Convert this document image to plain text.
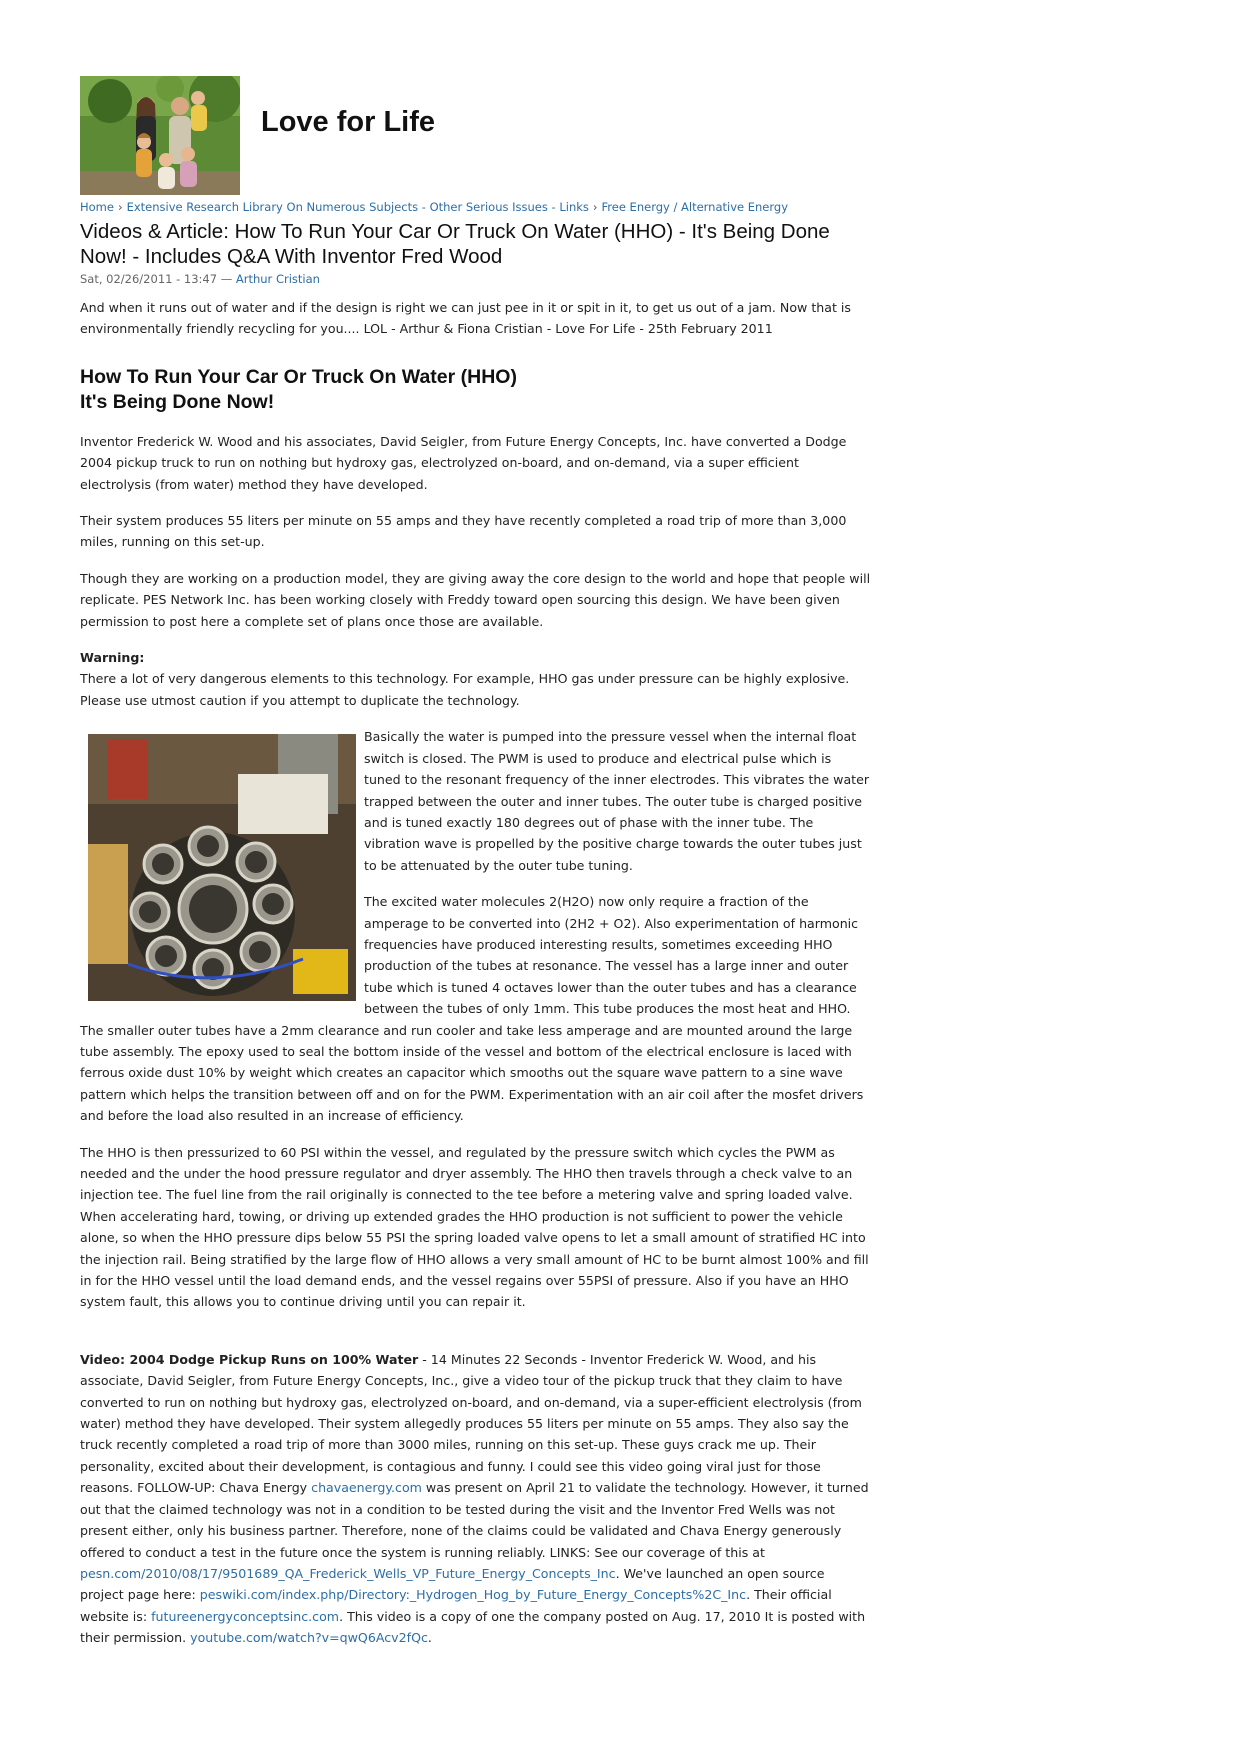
Love for Life
Home › Extensive Research Library On Numerous Subjects - Other Serious Issues - Links › Free Energy / Alternative Energy
Videos & Article: How To Run Your Car Or Truck On Water (HHO) - It's Being Done Now! - Includes Q&A With Inventor Fred Wood
Sat, 02/26/2011 - 13:47 — Arthur Cristian

And when it runs out of water and if the design is right we can just pee in it or spit in it, to get us out of a jam. Now that is environmentally friendly recycling for you.... LOL - Arthur & Fiona Cristian - Love For Life - 25th February 2011

How To Run Your Car Or Truck On Water (HHO)
It's Being Done Now!

Inventor Frederick W. Wood and his associates, David Seigler, from Future Energy Concepts, Inc. have converted a Dodge 2004 pickup truck to run on nothing but hydroxy gas, electrolyzed on-board, and on-demand, via a super efficient electrolysis (from water) method they have developed.

Their system produces 55 liters per minute on 55 amps and they have recently completed a road trip of more than 3,000 miles, running on this set-up.

Though they are working on a production model, they are giving away the core design to the world and hope that people will replicate. PES Network Inc. has been working closely with Freddy toward open sourcing this design. We have been given permission to post here a complete set of plans once those are available.

Warning:
There a lot of very dangerous elements to this technology. For example, HHO gas under pressure can be highly explosive. Please use utmost caution if you attempt to duplicate the technology.

Basically the water is pumped into the pressure vessel when the internal float switch is closed. The PWM is used to produce and electrical pulse which is tuned to the resonant frequency of the inner electrodes. This vibrates the water trapped between the outer and inner tubes. The outer tube is charged positive and is tuned exactly 180 degrees out of phase with the inner tube. The vibration wave is propelled by the positive charge towards the outer tubes just to be attenuated by the outer tube tuning.

The excited water molecules 2(H2O) now only require a fraction of the amperage to be converted into (2H2 + O2). Also experimentation of harmonic frequencies have produced interesting results, sometimes exceeding HHO production of the tubes at resonance. The vessel has a large inner and outer tube which is tuned 4 octaves lower than the outer tubes and has a clearance between the tubes of only 1mm. This tube produces the most heat and HHO. The smaller outer tubes have a 2mm clearance and run cooler and take less amperage and are mounted around the large tube assembly. The epoxy used to seal the bottom inside of the vessel and bottom of the electrical enclosure is laced with ferrous oxide dust 10% by weight which creates an capacitor which smooths out the square wave pattern to a sine wave pattern which helps the transition between off and on for the PWM. Experimentation with an air coil after the mosfet drivers and before the load also resulted in an increase of efficiency.

The HHO is then pressurized to 60 PSI within the vessel, and regulated by the pressure switch which cycles the PWM as needed and the under the hood pressure regulator and dryer assembly. The HHO then travels through a check valve to an injection tee. The fuel line from the rail originally is connected to the tee before a metering valve and spring loaded valve. When accelerating hard, towing, or driving up extended grades the HHO production is not sufficient to power the vehicle alone, so when the HHO pressure dips below 55 PSI the spring loaded valve opens to let a small amount of stratified HC into the injection rail. Being stratified by the large flow of HHO allows a very small amount of HC to be burnt almost 100% and fill in for the HHO vessel until the load demand ends, and the vessel regains over 55PSI of pressure. Also if you have an HHO system fault, this allows you to continue driving until you can repair it.

Video: 2004 Dodge Pickup Runs on 100% Water - 14 Minutes 22 Seconds - Inventor Frederick W. Wood, and his associate, David Seigler, from Future Energy Concepts, Inc., give a video tour of the pickup truck that they claim to have converted to run on nothing but hydroxy gas, electrolyzed on-board, and on-demand, via a super-efficient electrolysis (from water) method they have developed. Their system allegedly produces 55 liters per minute on 55 amps. They also say the truck recently completed a road trip of more than 3000 miles, running on this set-up. These guys crack me up. Their personality, excited about their development, is contagious and funny. I could see this video going viral just for those reasons. FOLLOW-UP: Chava Energy chavaenergy.com was present on April 21 to validate the technology. However, it turned out that the claimed technology was not in a condition to be tested during the visit and the Inventor Fred Wells was not present either, only his business partner. Therefore, none of the claims could be validated and Chava Energy generously offered to conduct a test in the future once the system is running reliably. LINKS: See our coverage of this at pesn.com/2010/08/17/9501689_QA_Frederick_Wells_VP_Future_Energy_Concepts_Inc. We've launched an open source project page here: peswiki.com/index.php/Directory:_Hydrogen_Hog_by_Future_Energy_Concepts%2C_Inc. Their official website is: futureenergyconceptsinc.com. This video is a copy of one the company posted on Aug. 17, 2010 It is posted with their permission. youtube.com/watch?v=qwQ6Acv2fQc.
